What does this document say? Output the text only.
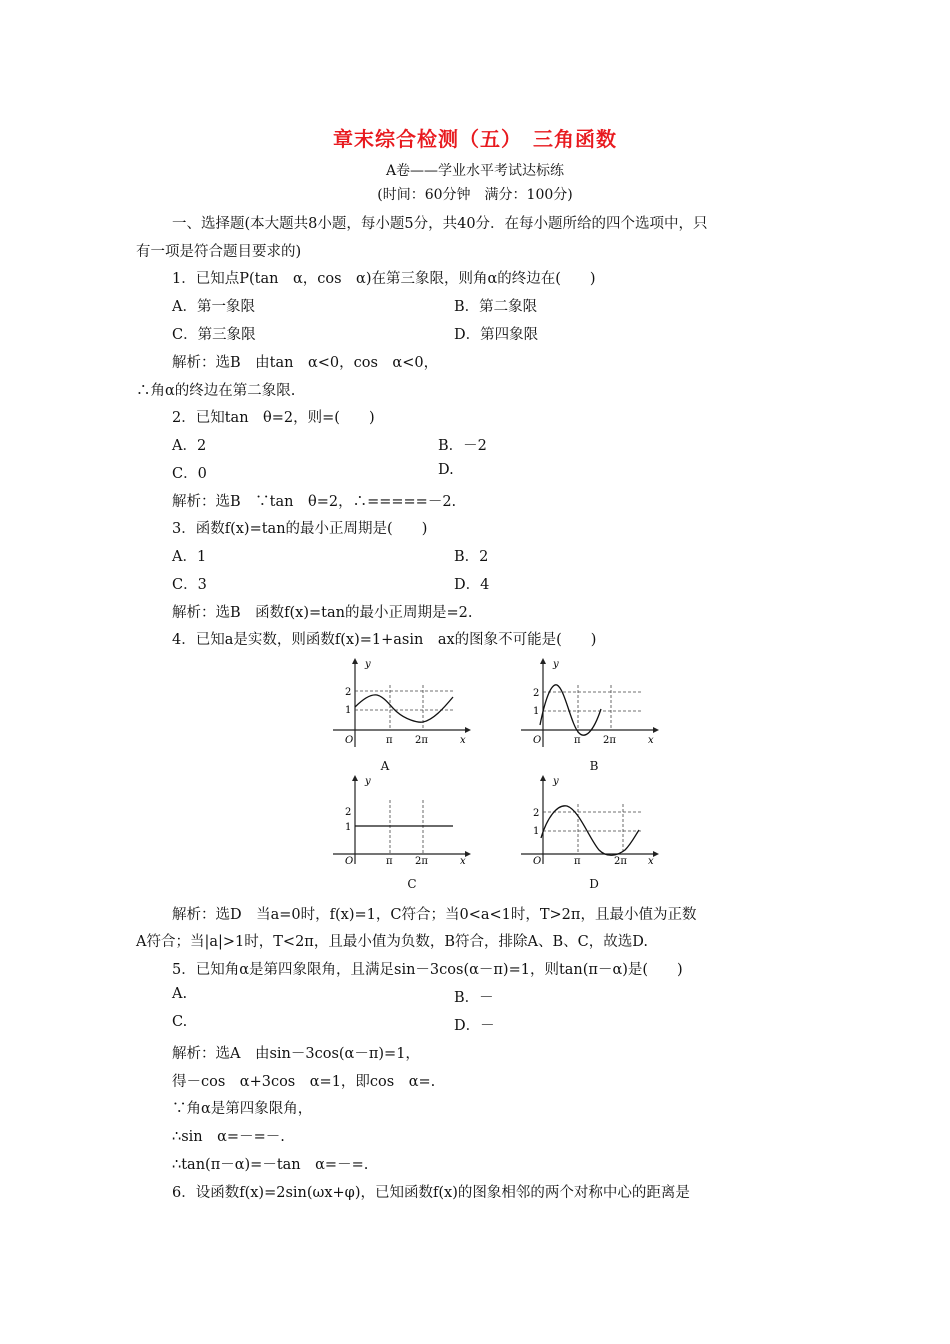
章末综合检测（五）　三角函数
A卷——学业水平考试达标练
(时间：60分钟　满分：100分)
一、选择题(本大题共8小题，每小题5分，共40分．在每小题所给的四个选项中，只
有一项是符合题目要求的)
1．已知点P(tan　α，cos　α)在第三象限，则角α的终边在(　　)
A．第一象限	B．第二象限
C．第三象限	D．第四象限
解析：选B　由tan　α<0，cos　α<0，
∴角α的终边在第二象限.
2．已知tan　θ=2，则=(　　)
A．2	B．－2
C．0	D.
解析：选B　∵tan　θ=2，∴=====－2.
3．函数f(x)=tan的最小正周期是(　　)
A．1	B．2
C．3	D．4
解析：选B　函数f(x)=tan的最小正周期是=2.
4．已知a是实数，则函数f(x)=1+asin　ax的图象不可能是(　　)
y
2
1
O	π 2π	x
A
y
2
1
O	π 2π	x
B
y
2
1
O	π 2π	x
C
y
2
1
O	π	2π x
D
解析：选D　当a=0时，f(x)=1，C符合；当0<a<1时，T>2π，且最小值为正数
A符合；当|a|>1时，T<2π，且最小值为负数，B符合，排除A、B、C，故选D.
5．已知角α是第四象限角，且满足sin－3cos(α－π)=1，则tan(π－α)是(　　)
A.	B．－
C.	D．－
解析：选A　由sin－3cos(α－π)=1，
得－cos　α+3cos　α=1，即cos　α=.
∵角α是第四象限角，
∴sin　α=－=－.
∴tan(π－α)=－tan　α=－=.
6．设函数f(x)=2sin(ωx+φ)，已知函数f(x)的图象相邻的两个对称中心的距离是
